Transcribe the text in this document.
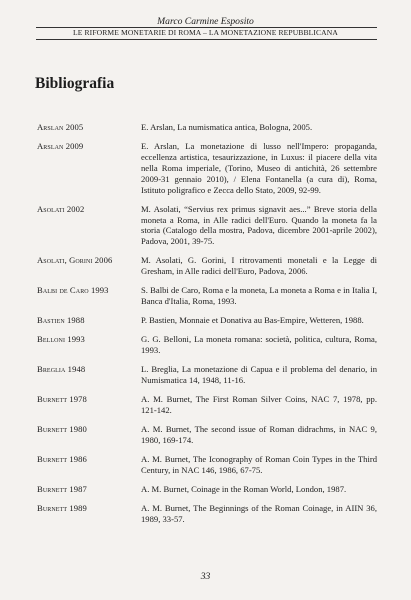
Marco Carmine Esposito
LE RIFORME MONETARIE DI ROMA – LA MONETAZIONE REPUBBLICANA
Bibliografia
Arslan 2005	E. Arslan, La numismatica antica, Bologna, 2005.
Arslan 2009	E. Arslan, La monetazione di lusso nell'Impero: propaganda, eccellenza artistica, tesaurizzazione, in Luxus: il piacere della vita nella Roma imperiale, (Torino, Museo di antichità, 26 settembre 2009-31 gennaio 2010), / Elena Fontanella (a cura di), Roma, Istituto poligrafico e Zecca dello Stato, 2009, 92-99.
Asolati 2002	M. Asolati, “Servius rex primus signavit aes...” Breve storia della moneta a Roma, in Alle radici dell'Euro. Quando la moneta fa la storia (Catalogo della mostra, Padova, dicembre 2001-aprile 2002), Padova, 2001, 39-75.
Asolati, Gorini 2006	M. Asolati, G. Gorini, I ritrovamenti monetali e la Legge di Gresham, in Alle radici dell'Euro, Padova, 2006.
Balbi de Caro 1993	S. Balbi de Caro, Roma e la moneta, La moneta a Roma e in Italia I, Banca d'Italia, Roma, 1993.
Bastien 1988	P. Bastien, Monnaie et Donativa au Bas-Empire, Wetteren, 1988.
Belloni 1993	G. G. Belloni, La moneta romana: società, politica, cultura, Roma, 1993.
Breglia 1948	L. Breglia, La monetazione di Capua e il problema del denario, in Numismatica 14, 1948, 11-16.
Burnett 1978	A. M. Burnet, The First Roman Silver Coins, NAC 7, 1978, pp. 121-142.
Burnett 1980	A. M. Burnet, The second issue of Roman didrachms, in NAC 9, 1980, 169-174.
Burnett 1986	A. M. Burnet, The Iconography of Roman Coin Types in the Third Century, in NAC 146, 1986, 67-75.
Burnett 1987	A. M. Burnet, Coinage in the Roman World, London, 1987.
Burnett 1989	A. M. Burnet, The Beginnings of the Roman Coinage, in AIIN 36, 1989, 33-57.
33
